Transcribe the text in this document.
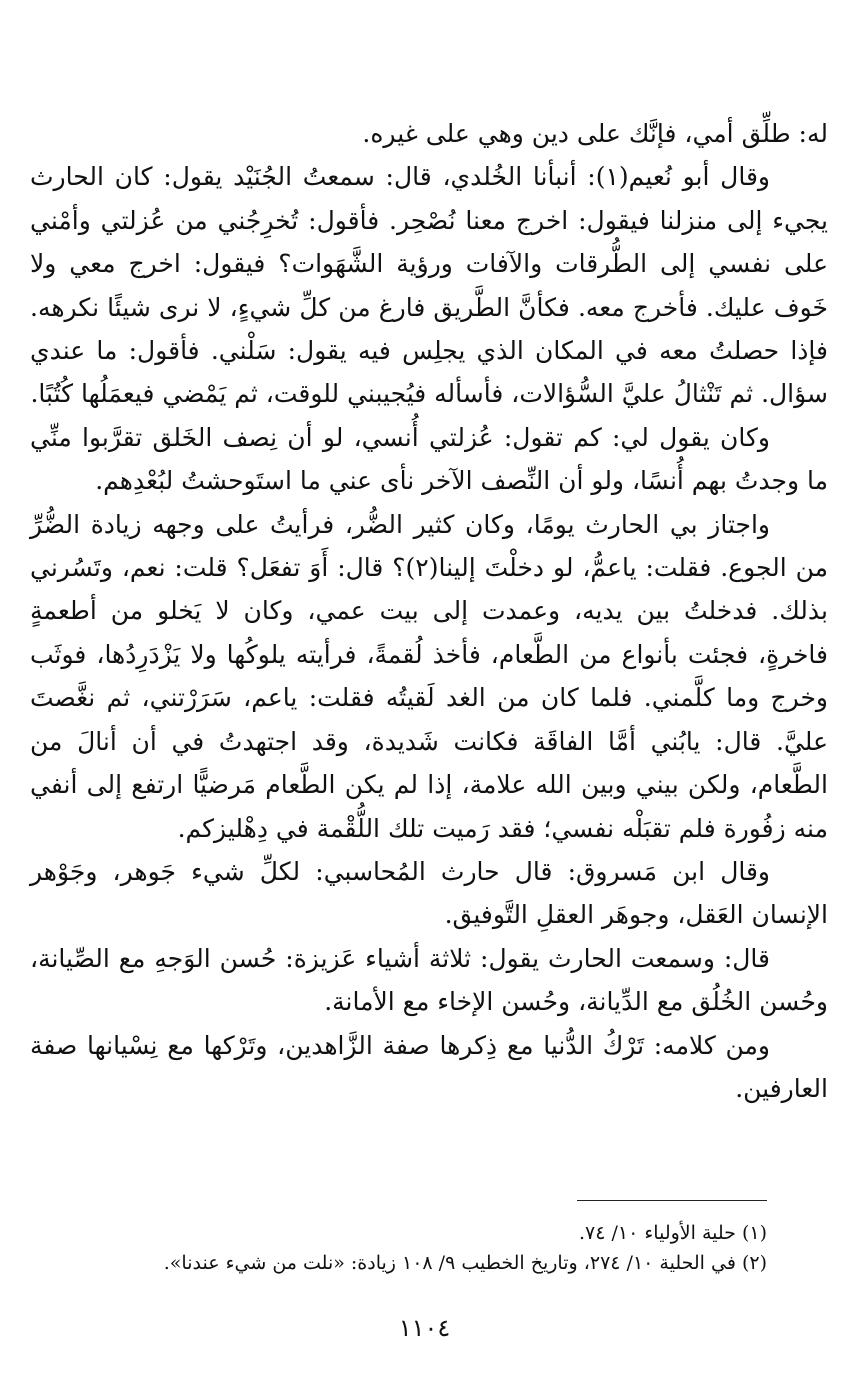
له: طلِّق أمي، فإنَّك على دين وهي على غيره.

وقال أبو نُعيم(١): أنبأنا الخُلدي، قال: سمعتُ الجُنَيْد يقول: كان الحارث يجيء إلى منزلنا فيقول: اخرج معنا نُصْحِر. فأقول: تُخرِجُني من عُزلتي وأمْني على نفسي إلى الطُّرقات والآفات ورؤية الشَّهَوات؟ فيقول: اخرج معي ولا خَوف عليك. فأخرج معه. فكأنَّ الطَّريق فارغ من كلِّ شيءٍ، لا نرى شيئًا نكرهه. فإذا حصلتُ معه في المكان الذي يجلِس فيه يقول: سَلْني. فأقول: ما عندي سؤال. ثم تَنْثالُ عليَّ السُّؤالات، فأسأله فيُجيبني للوقت، ثم يَمْضي فيعمَلُها كُتُبًا.

وكان يقول لي: كم تقول: عُزلتي أُنسي، لو أن نِصف الخَلق تقرَّبوا منِّي ما وجدتُ بهم أُنسًا، ولو أن النِّصف الآخر نأى عني ما استَوحشتُ لبُعْدِهم.

واجتاز بي الحارث يومًا، وكان كثير الضُّر، فرأيتُ على وجهه زيادة الضُّرِّ من الجوع. فقلت: ياعمُّ، لو دخلْتَ إلينا(٢)؟ قال: أَوَ تفعَل؟ قلت: نعم، وتَسُرني بذلك. فدخلتُ بين يديه، وعمدت إلى بيت عمي، وكان لا يَخلو من أطعمةٍ فاخرةٍ، فجئت بأنواع من الطَّعام، فأخذ لُقمةً، فرأيته يلوكُها ولا يَزْدَرِدُها، فوثَب وخرج وما كلَّمني. فلما كان من الغد لَقيتُه فقلت: ياعم، سَرَرْتني، ثم نغَّصتَ عليَّ. قال: يابُني أمَّا الفاقَة فكانت شَديدة، وقد اجتهدتُ في أن أنالَ من الطَّعام، ولكن بيني وبين الله علامة، إذا لم يكن الطَّعام مَرضيًّا ارتفع إلى أنفي منه زفُورة فلم تقبَلْه نفسي؛ فقد رَميت تلك اللُّقْمة في دِهْليزكم.

وقال ابن مَسروق: قال حارث المُحاسبي: لكلِّ شيء جَوهر، وجَوْهر الإنسان العَقل، وجوهَر العقلِ التَّوفيق.

قال: وسمعت الحارث يقول: ثلاثة أشياء عَزيزة: حُسن الوَجهِ مع الصِّيانة، وحُسن الخُلُق مع الدِّيانة، وحُسن الإخاء مع الأمانة.

ومن كلامه: تَرْكُ الدُّنيا مع ذِكرها صفة الزَّاهدين، وتَرْكها مع نِسْيانها صفة العارفين.

(١) حلية الأولياء ١٠/ ٧٤.

(٢) في الحلية ١٠/ ٢٧٤، وتاريخ الخطيب ٩/ ١٠٨ زيادة: «نلت من شيء عندنا».

١١٠٤
